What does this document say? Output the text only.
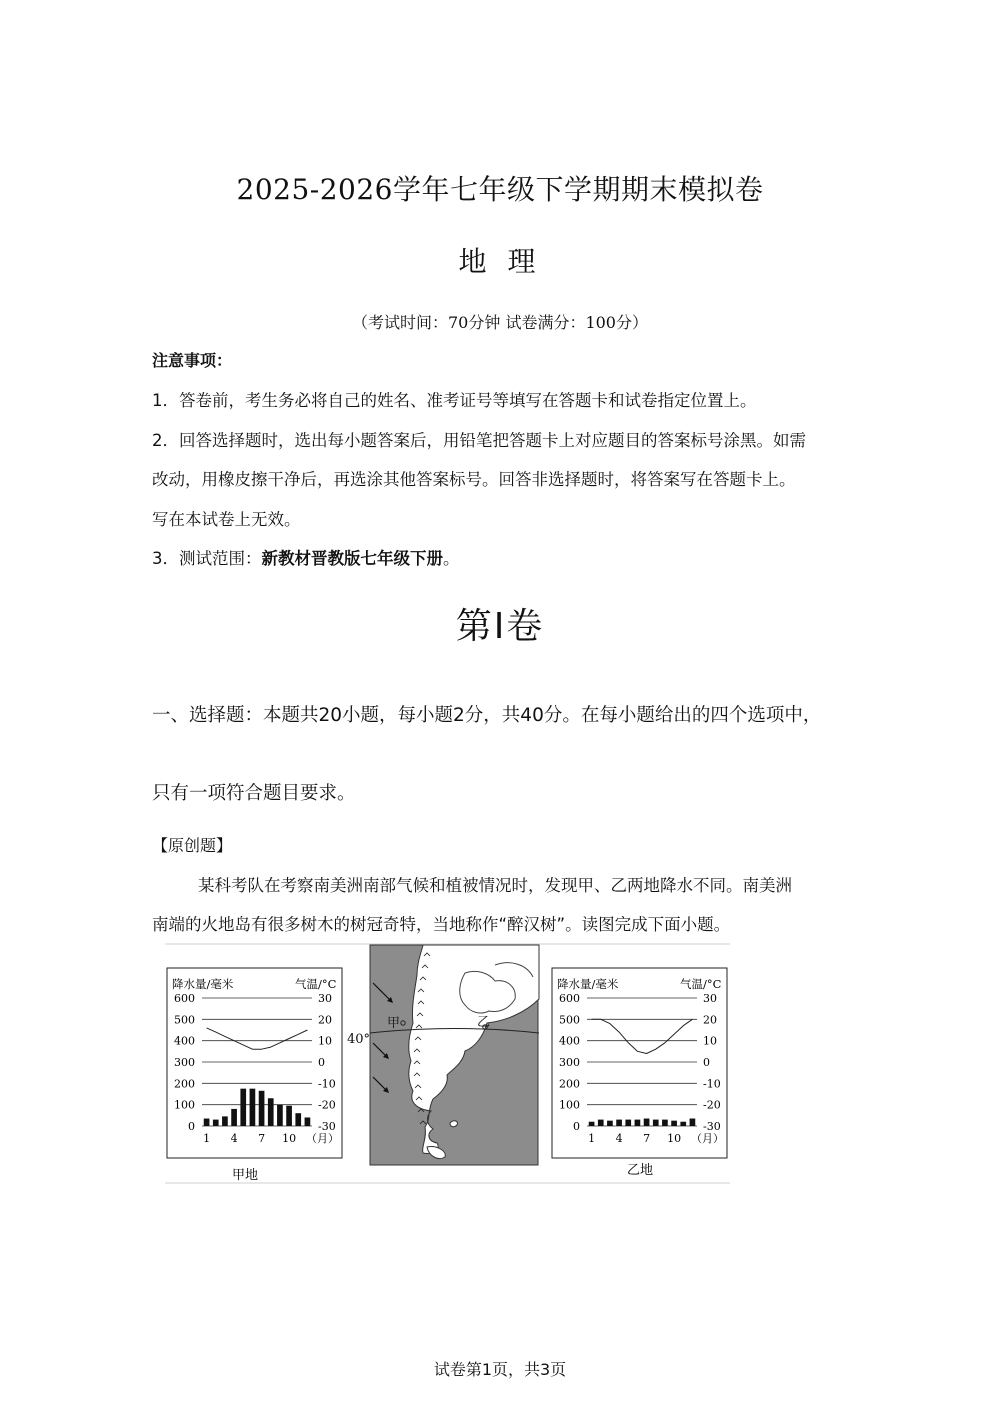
2025-2026学年七年级下学期期末模拟卷
地 理
（考试时间：70分钟 试卷满分：100分）
注意事项：
1．答卷前，考生务必将自己的姓名、准考证号等填写在答题卡和试卷指定位置上。
2．回答选择题时，选出每小题答案后，用铅笔把答题卡上对应题目的答案标号涂黑。如需
改动，用橡皮擦干净后，再选涂其他答案标号。回答非选择题时，将答案写在答题卡上。
写在本试卷上无效。
3．测试范围：新教材晋教版七年级下册。
第Ⅰ卷
一、选择题：本题共20小题，每小题2分，共40分。在每小题给出的四个选项中，
只有一项符合题目要求。
【原创题】
某科考队在考察南美洲南部气候和植被情况时，发现甲、乙两地降水不同。南美洲
南端的火地岛有很多树木的树冠奇特，当地称作“醉汉树”。读图完成下面小题。
甲	乙
40°
降水量/毫米	气温/°C
600	30
500	20
400	10
300	0
200	-10
100	-20
0	-30
1 4 7 10 （月）
甲地
降水量/毫米	气温/°C
600	30
500	20
400	10
300	0
200	-10
100	-20
0	-30
1 4 7 10 （月）
乙地
试卷第1页，共3页
